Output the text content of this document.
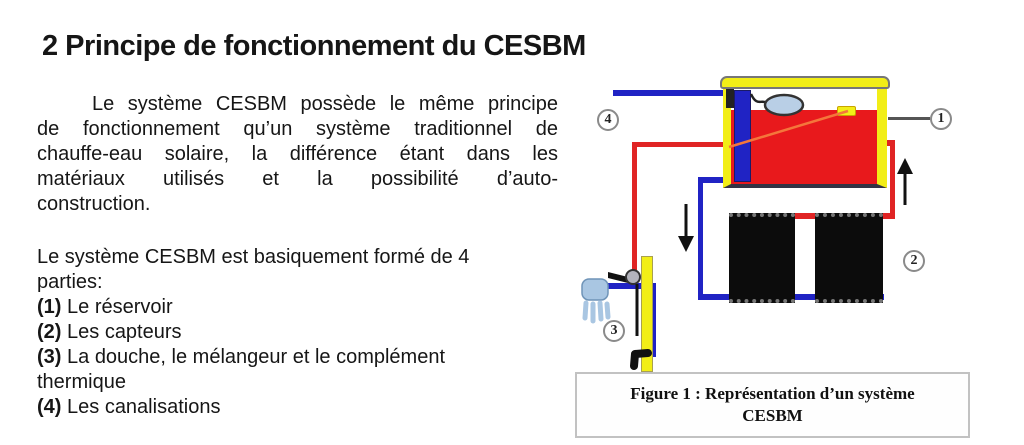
2 Principe de fonctionnement du CESBM
Le système CESBM possède le même principe
de fonctionnement qu’un système traditionnel de
chauffe-eau solaire, la différence étant dans les
matériaux utilisés et la possibilité d’auto-
construction.
Le système CESBM est basiquement formé de 4
parties:
(1) Le réservoir
(2) Les capteurs
(3) La douche, le mélangeur et le complément
thermique
(4) Les canalisations
1
2
3
4
Figure 1 : Représentation d’un système
CESBM
